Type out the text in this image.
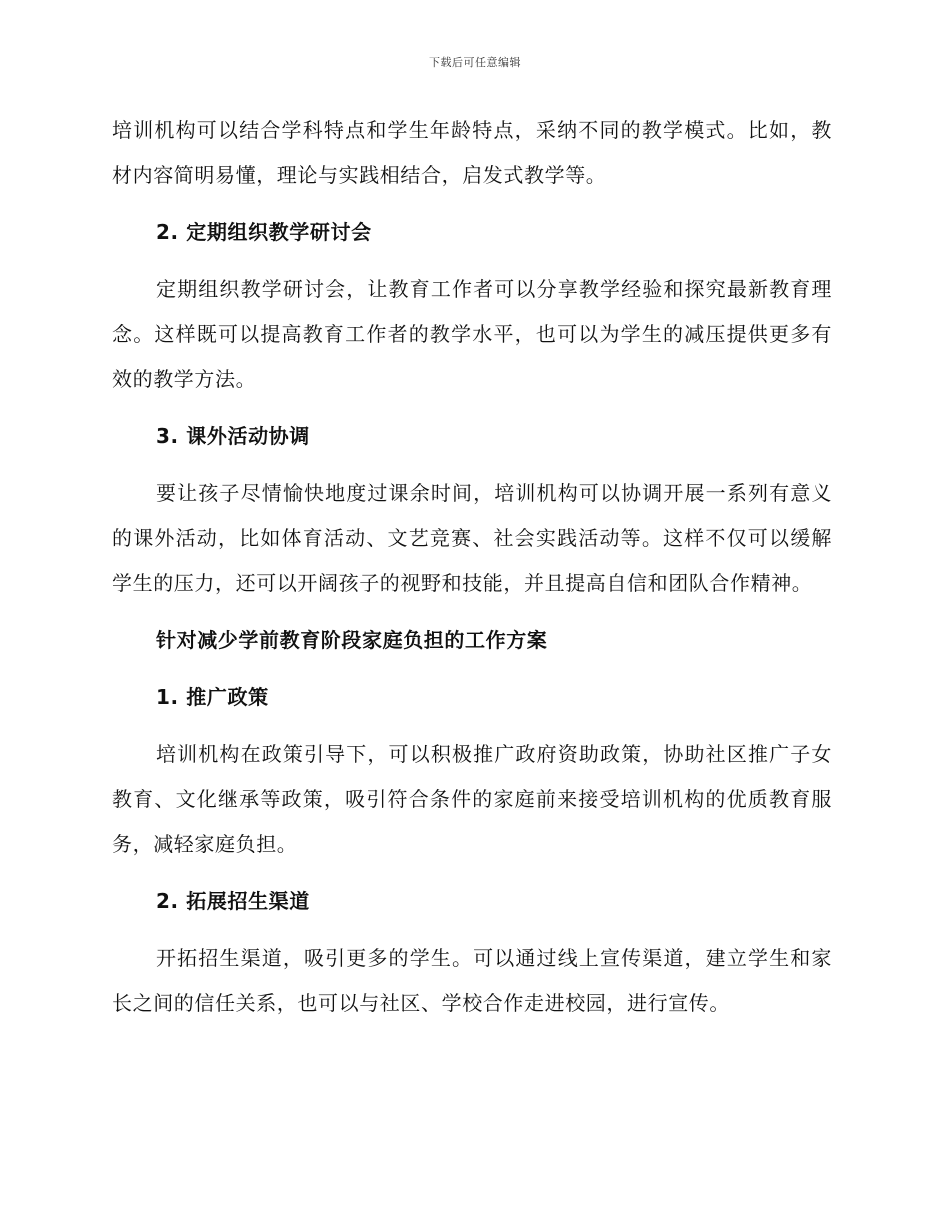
下载后可任意编辑

培训机构可以结合学科特点和学生年龄特点，采纳不同的教学模式。比如，教材内容简明易懂，理论与实践相结合，启发式教学等。

2. 定期组织教学研讨会

定期组织教学研讨会，让教育工作者可以分享教学经验和探究最新教育理念。这样既可以提高教育工作者的教学水平，也可以为学生的减压提供更多有效的教学方法。

3. 课外活动协调

要让孩子尽情愉快地度过课余时间，培训机构可以协调开展一系列有意义的课外活动，比如体育活动、文艺竞赛、社会实践活动等。这样不仅可以缓解学生的压力，还可以开阔孩子的视野和技能，并且提高自信和团队合作精神。

针对减少学前教育阶段家庭负担的工作方案
1. 推广政策

培训机构在政策引导下，可以积极推广政府资助政策，协助社区推广子女教育、文化继承等政策，吸引符合条件的家庭前来接受培训机构的优质教育服务，减轻家庭负担。

2. 拓展招生渠道

开拓招生渠道，吸引更多的学生。可以通过线上宣传渠道，建立学生和家长之间的信任关系，也可以与社区、学校合作走进校园，进行宣传。
